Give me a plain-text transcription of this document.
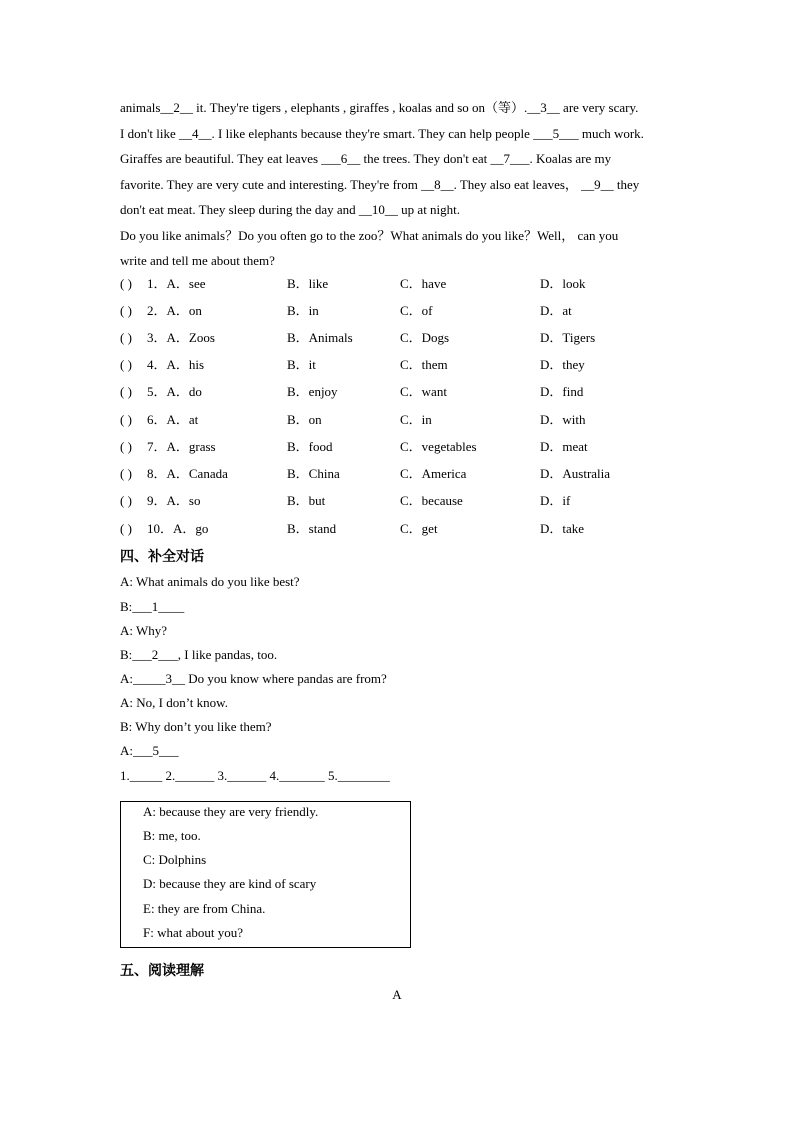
animals__2__ it. They're tigers , elephants , giraffes , koalas and so on（等）.__3__ are very scary.

I don't like __4__. I like elephants because they're smart. They can help people ___5___ much work.

Giraffes are beautiful. They eat leaves ___6__ the trees. They don't eat __7___. Koalas are my

favorite. They are very cute and interesting. They're from __8__. They also eat leaves， __9__ they

don't eat meat. They sleep during the day and __10__ up at night.

Do you like animals？Do you often go to the zoo？What animals do you like？Well， can you

write and tell me about them?

( ) 1．A．see	B．like	C．have	D．look
( ) 2．A．on	B．in	C．of	D．at
( ) 3．A．Zoos	B．Animals	C．Dogs	D．Tigers
( ) 4．A．his	B．it	C．them	D．they
( ) 5．A．do	B．enjoy	C．want	D．find
( ) 6．A．at	B．on	C．in	D．with
( ) 7．A．grass	B．food	C．vegetables	D．meat
( ) 8．A．Canada	B．China	C．America	D．Australia
( ) 9．A．so	B．but	C．because	D．if
( ) 10．A．go	B．stand	C．get	D．take
四、补全对话
A: What animals do you like best?
B:___1____
A: Why?
B:___2___, I like pandas, too.
A:_____3__ Do you know where pandas are from?
A: No, I don’t know.
B: Why don’t you like them?
A:___5___
1._____ 2.______ 3.______ 4._______ 5.________
A: because they are very friendly.
B: me, too.
C: Dolphins
D: because they are kind of scary
E: they are from China.
F: what about you?
五、阅读理解
A
